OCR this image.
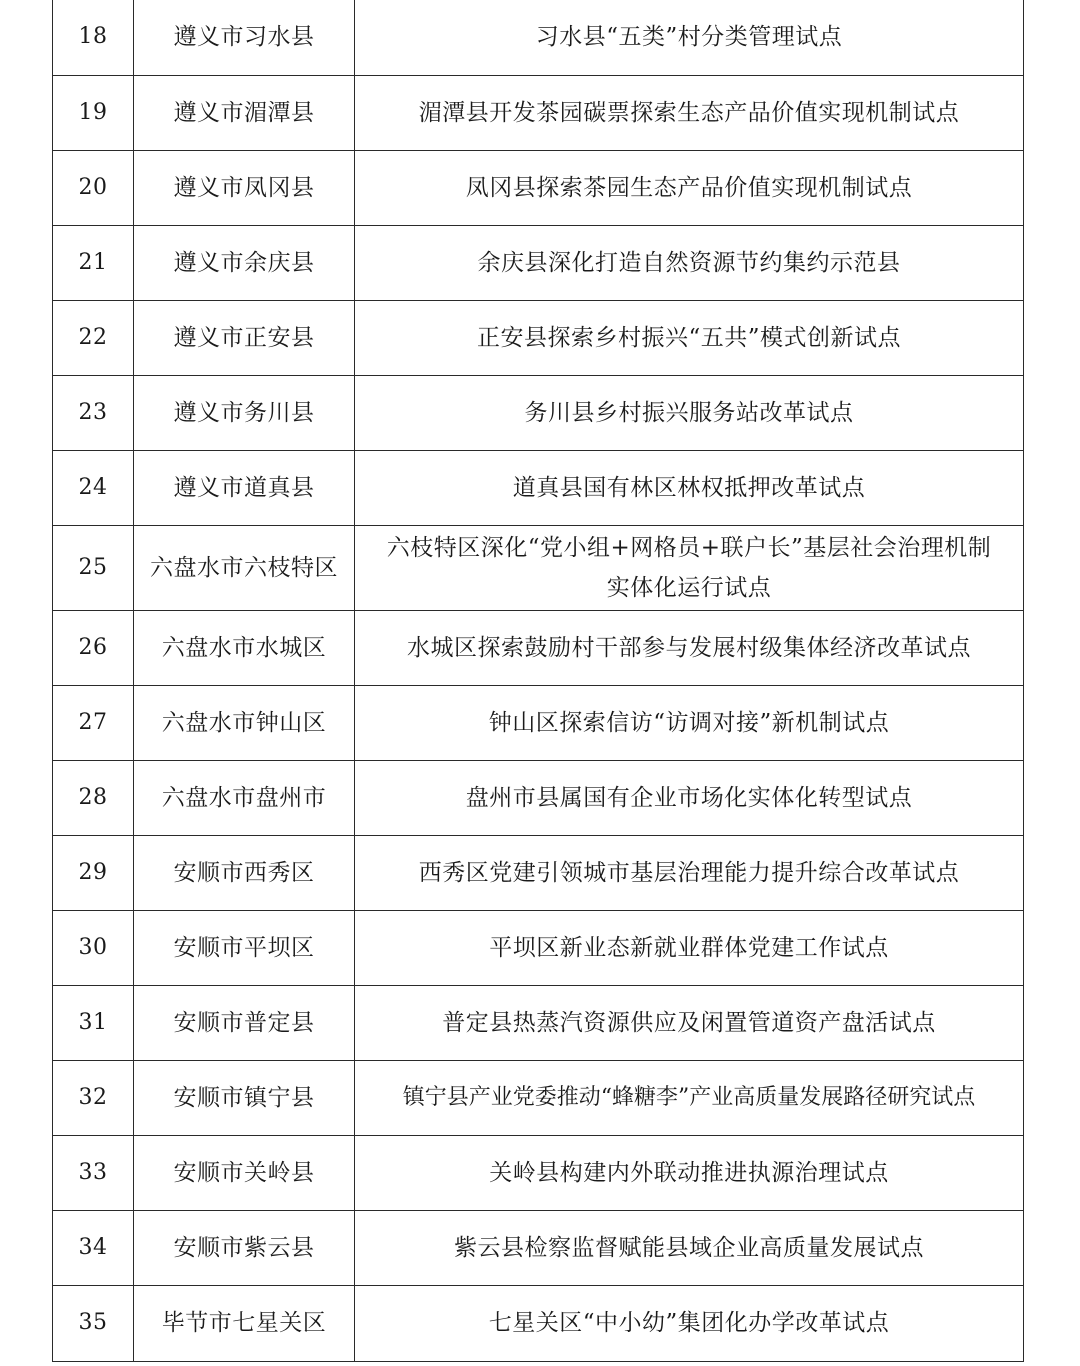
18	遵义市习水县	习水县“五类”村分类管理试点
19	遵义市湄潭县	湄潭县开发茶园碳票探索生态产品价值实现机制试点
20	遵义市凤冈县	凤冈县探索茶园生态产品价值实现机制试点
21	遵义市余庆县	余庆县深化打造自然资源节约集约示范县
22	遵义市正安县	正安县探索乡村振兴“五共”模式创新试点
23	遵义市务川县	务川县乡村振兴服务站改革试点
24	遵义市道真县	道真县国有林区林权抵押改革试点
25	六盘水市六枝特区	六枝特区深化“党小组+网格员+联户长”基层社会治理机制
实体化运行试点
26	六盘水市水城区	水城区探索鼓励村干部参与发展村级集体经济改革试点
27	六盘水市钟山区	钟山区探索信访“访调对接”新机制试点
28	六盘水市盘州市	盘州市县属国有企业市场化实体化转型试点
29	安顺市西秀区	西秀区党建引领城市基层治理能力提升综合改革试点
30	安顺市平坝区	平坝区新业态新就业群体党建工作试点
31	安顺市普定县	普定县热蒸汽资源供应及闲置管道资产盘活试点
32	安顺市镇宁县	镇宁县产业党委推动“蜂糖李”产业高质量发展路径研究试点
33	安顺市关岭县	关岭县构建内外联动推进执源治理试点
34	安顺市紫云县	紫云县检察监督赋能县域企业高质量发展试点
35	毕节市七星关区	七星关区“中小幼”集团化办学改革试点
